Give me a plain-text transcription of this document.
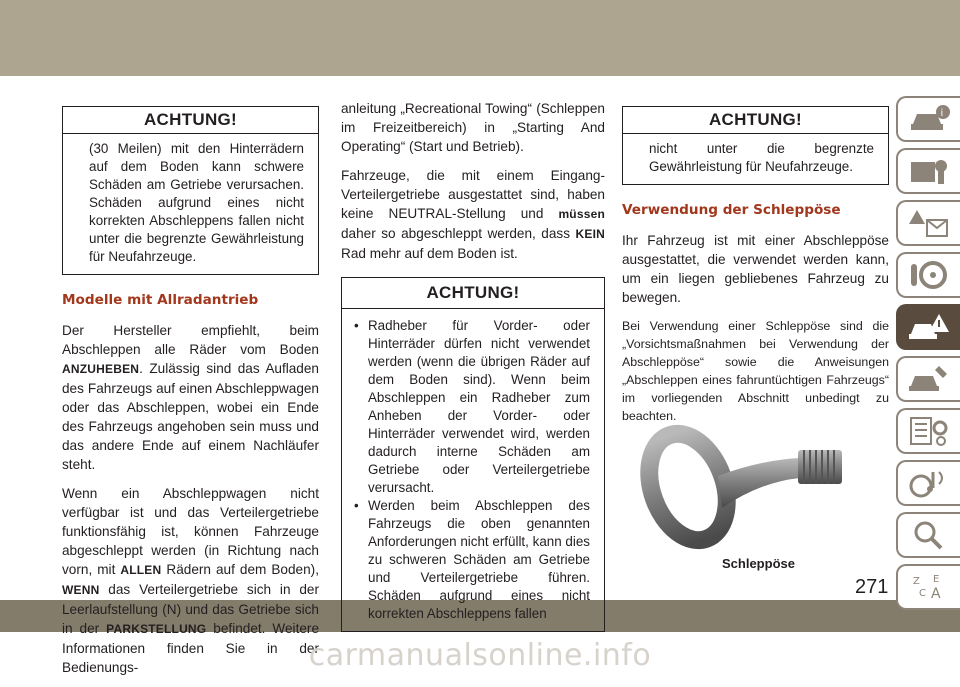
ACHTUNG!
(30 Meilen) mit den Hinterrädern auf dem Boden kann schwere Schäden am Getriebe verursachen. Schäden aufgrund eines nicht korrekten Abschleppens fallen nicht unter die begrenzte Gewährleistung für Neufahrzeuge.
Modelle mit Allradantrieb

Der Hersteller empfiehlt, beim Abschleppen alle Räder vom Boden ANZUHEBEN. Zulässig sind das Aufladen des Fahrzeugs auf einen Abschleppwagen oder das Abschleppen, wobei ein Ende des Fahrzeugs angehoben sein muss und das andere Ende auf einem Nachläufer steht.

Wenn ein Abschleppwagen nicht verfügbar ist und das Verteilergetriebe funktionsfähig ist, können Fahrzeuge abgeschleppt werden (in Richtung nach vorn, mit ALLEN Rädern auf dem Boden), WENN das Verteilergetriebe sich in der Leerlaufstellung (N) und das Getriebe sich in der PARKSTELLUNG befindet. Weitere Informationen finden Sie in der Bedienungs-

anleitung „Recreational Towing“ (Schleppen im Freizeitbereich) in „Starting And Operating“ (Start und Betrieb).

Fahrzeuge, die mit einem Eingang-Verteilergetriebe ausgestattet sind, haben keine NEUTRAL-Stellung und müssen daher so abgeschleppt werden, dass KEIN Rad mehr auf dem Boden ist.

ACHTUNG!
• Radheber für Vorder- oder Hinterräder dürfen nicht verwendet werden (wenn die übrigen Räder auf dem Boden sind). Wenn beim Abschleppen ein Radheber zum Anheben der Vorder- oder Hinterräder verwendet wird, werden dadurch interne Schäden am Getriebe oder Verteilergetriebe verursacht.
• Werden beim Abschleppen des Fahrzeugs die oben genannten Anforderungen nicht erfüllt, kann dies zu schweren Schäden am Getriebe und Verteilergetriebe führen. Schäden aufgrund eines nicht korrekten Abschleppens fallen
ACHTUNG!
nicht unter die begrenzte Gewährleistung für Neufahrzeuge.
Verwendung der Schleppöse

Ihr Fahrzeug ist mit einer Abschleppöse ausgestattet, die verwendet werden kann, um ein liegen gebliebenes Fahrzeug zu bewegen.

Bei Verwendung einer Schleppöse sind die „Vorsichtsmaßnahmen bei Verwendung der Abschleppöse“ sowie die Anweisungen „Abschleppen eines fahruntüchtigen Fahrzeugs“ im vorliegenden Abschnitt unbedingt zu beachten.

Schleppöse
271
i
Z E
C A
carmanualsonline.info
